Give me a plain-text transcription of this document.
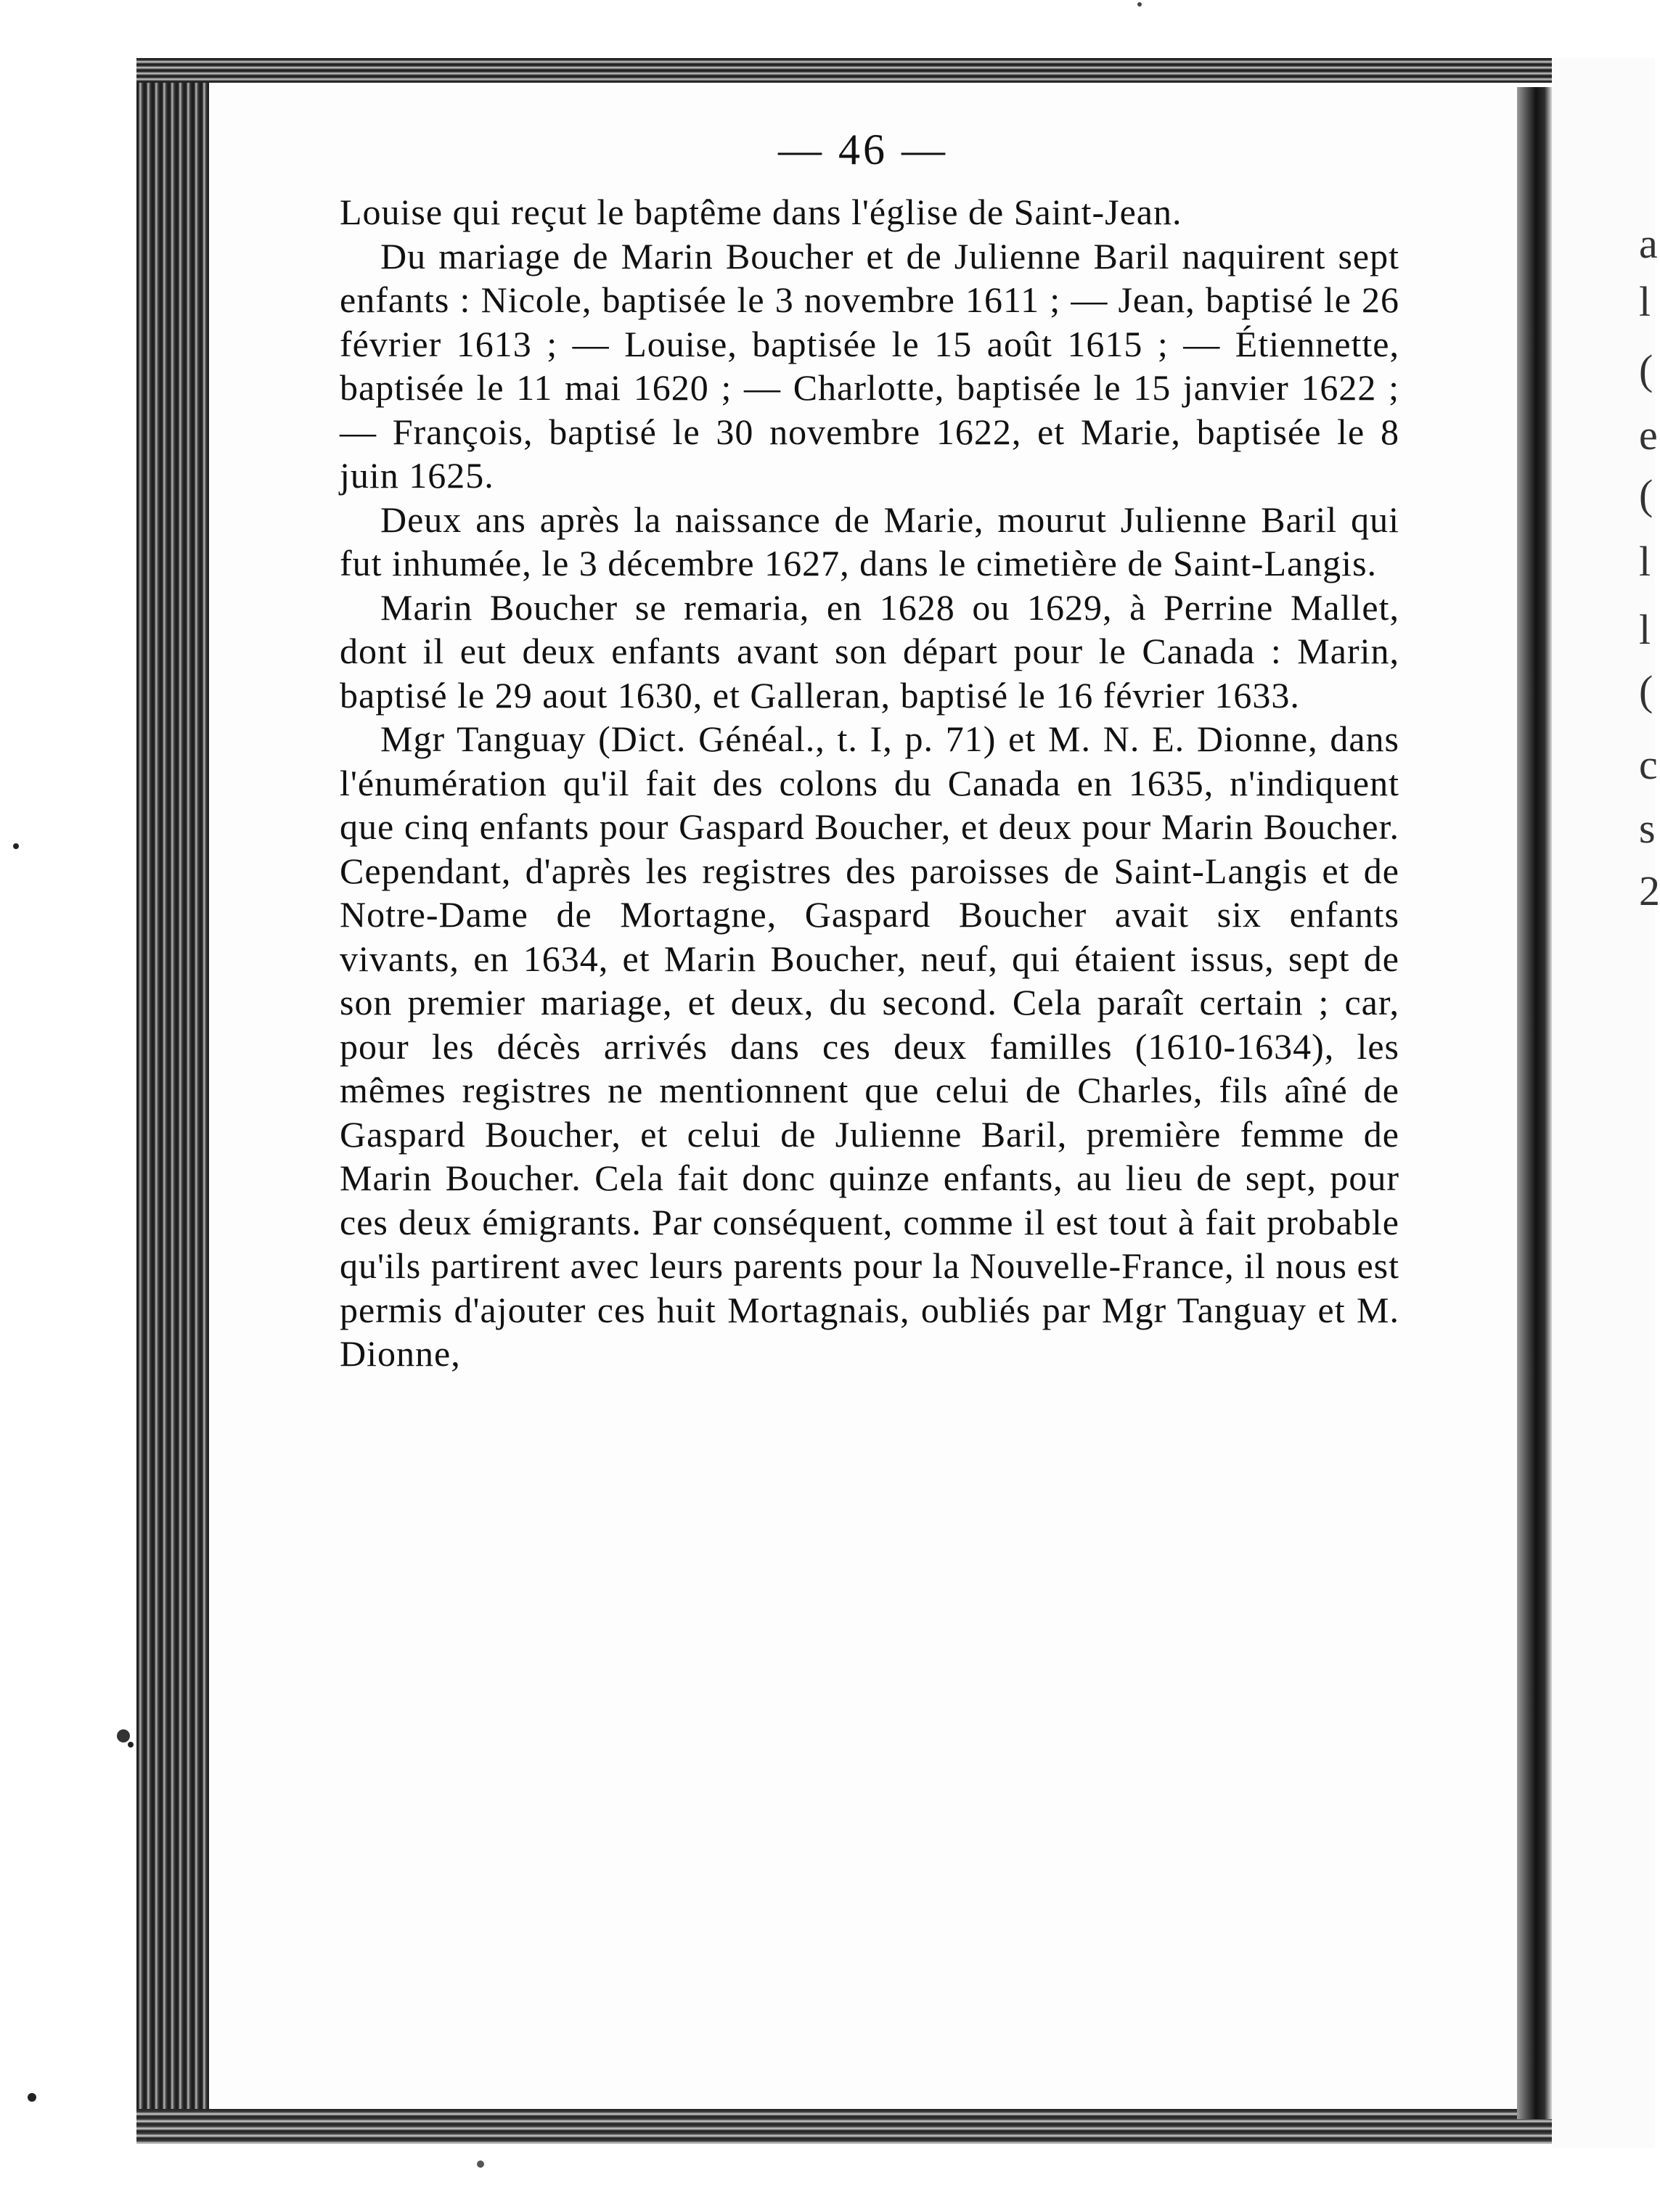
a
l
(
e
(
l
l
(
c
s
2
— 46 —

Louise qui reçut le baptême dans l'église de Saint-Jean.

Du mariage de Marin Boucher et de Julienne Baril naquirent sept enfants : Nicole, baptisée le 3 novembre 1611 ; — Jean, baptisé le 26 février 1613 ; — Louise, baptisée le 15 août 1615 ; — Étiennette, baptisée le 11 mai 1620 ; — Charlotte, baptisée le 15 janvier 1622 ; — François, baptisé le 30 novembre 1622, et Marie, baptisée le 8 juin 1625.

Deux ans après la naissance de Marie, mourut Julienne Baril qui fut inhumée, le 3 décembre 1627, dans le cimetière de Saint-Langis.

Marin Boucher se remaria, en 1628 ou 1629, à Perrine Mallet, dont il eut deux enfants avant son départ pour le Canada : Marin, baptisé le 29 aout 1630, et Galleran, baptisé le 16 février 1633.

Mgr Tanguay (Dict. Généal., t. I, p. 71) et M. N. E. Dionne, dans l'énumération qu'il fait des colons du Canada en 1635, n'indiquent que cinq enfants pour Gaspard Boucher, et deux pour Marin Boucher. Cependant, d'après les registres des paroisses de Saint-Langis et de Notre-Dame de Mortagne, Gaspard Boucher avait six enfants vivants, en 1634, et Marin Boucher, neuf, qui étaient issus, sept de son premier mariage, et deux, du second. Cela paraît certain ; car, pour les décès arrivés dans ces deux familles (1610-1634), les mêmes registres ne mentionnent que celui de Charles, fils aîné de Gaspard Boucher, et celui de Julienne Baril, première femme de Marin Boucher. Cela fait donc quinze enfants, au lieu de sept, pour ces deux émigrants. Par conséquent, comme il est tout à fait probable qu'ils partirent avec leurs parents pour la Nouvelle-France, il nous est permis d'ajouter ces huit Mortagnais, oubliés par Mgr Tanguay et M. Dionne,
